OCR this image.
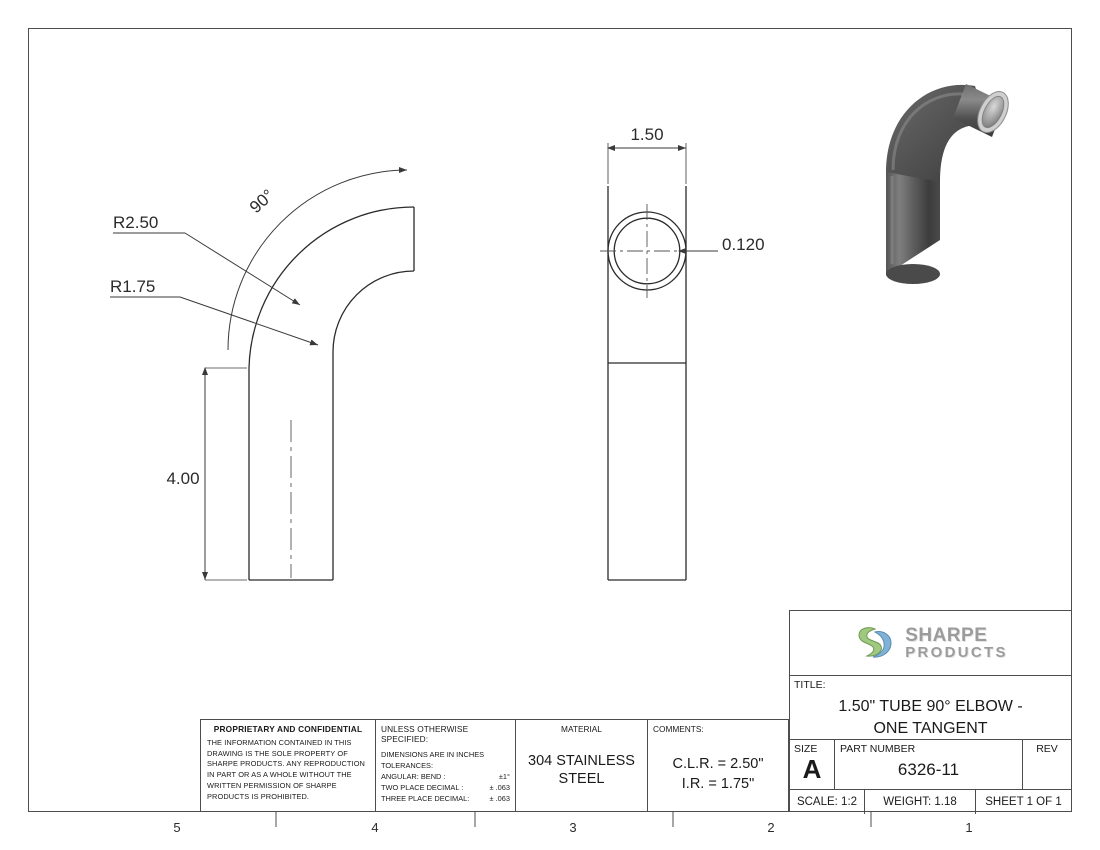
90°
R2.50
R1.75
4.00
1.50
0.120
5	4	3	2	1
PROPRIETARY AND CONFIDENTIAL
THE INFORMATION CONTAINED IN THIS DRAWING IS THE SOLE PROPERTY OF SHARPE PRODUCTS. ANY REPRODUCTION IN PART OR AS A WHOLE WITHOUT THE WRITTEN PERMISSION OF SHARPE PRODUCTS IS PROHIBITED.
UNLESS OTHERWISE SPECIFIED:
DIMENSIONS ARE IN INCHES
TOLERANCES:
ANGULAR: BEND :	±1°
TWO PLACE DECIMAL :	± .063
THREE PLACE DECIMAL:	± .063
MATERIAL
304 STAINLESS
STEEL
COMMENTS:
C.L.R. = 2.50"
I.R. = 1.75"
SHARPE
PRODUCTS
TITLE:
1.50" TUBE 90° ELBOW -
ONE TANGENT
SIZE
A
PART NUMBER
6326-11
REV
SCALE: 1:2	WEIGHT: 1.18	SHEET 1 OF 1
